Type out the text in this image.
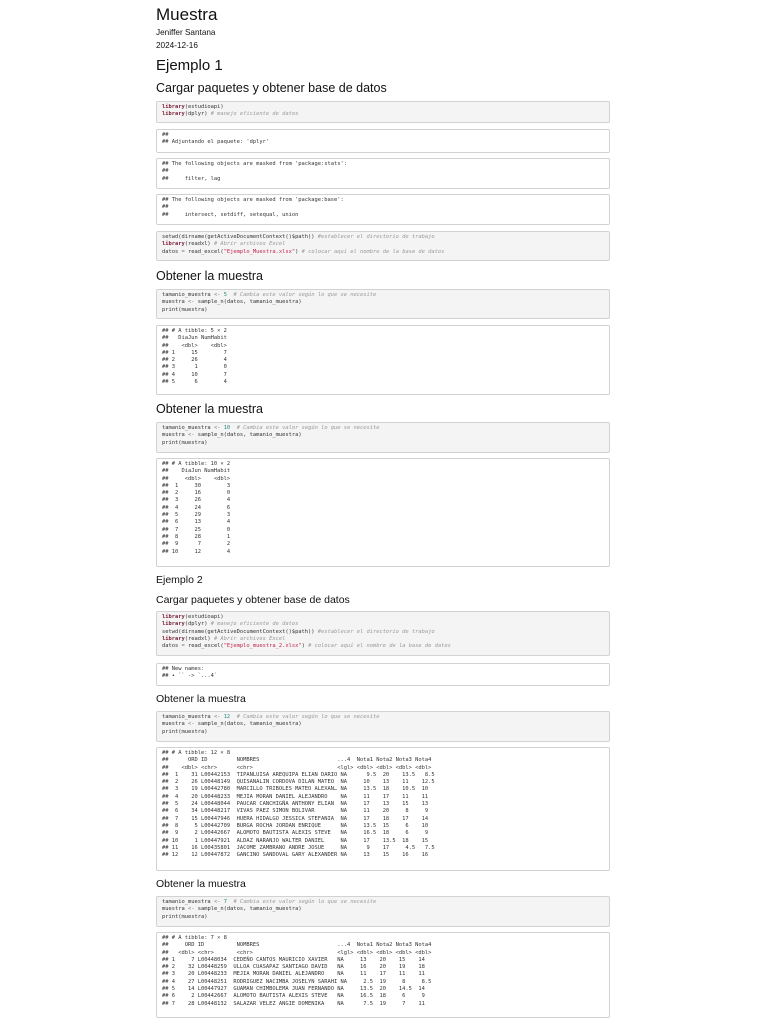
Muestra
Jeniffer Santana
2024-12-16
Ejemplo 1
Cargar paquetes y obtener base de datos
library(estudioapi)
library(dplyr) # manejo eficiente de datos
##
## Adjuntando el paquete: 'dplyr'
## The following objects are masked from 'package:stats':
##
##     filter, lag
## The following objects are masked from 'package:base':
##
##     intersect, setdiff, setequal, union
setwd(dirname(getActiveDocumentContext()$path)) #establecer el directorio de trabajo
library(readxl) # Abrir archivos Excel
datos = read_excel("Ejemplo_Muestra.xlsx") # colocar aquí el nombre de la base de datos
Obtener la muestra
tamanio_muestra <- 5 # Cambia este valor según lo que se necesite
muestra <- sample_n(datos, tamanio_muestra)
print(muestra)
## # A tibble: 5 × 2
##   DiaJun NumHabit
##    <dbl>    <dbl>
## 1     15        7
## 2     26        4
## 3      1        0
## 4     10        7
## 5      6        4
Obtener la muestra
tamanio_muestra <- 10 # Cambia este valor según lo que se necesite
muestra <- sample_n(datos, tamanio_muestra)
print(muestra)
## # A tibble: 10 × 2
##    DiaJun NumHabit
##     <dbl>    <dbl>
##  1     30        3
##  2     16        0
##  3     26        4
##  4     24        6
##  5     29        3
##  6     13        4
##  7     25        0
##  8     28        1
##  9      7        2
## 10     12        4
Ejemplo 2
Cargar paquetes y obtener base de datos
library(estudioapi)
library(dplyr) # manejo eficiente de datos
setwd(dirname(getActiveDocumentContext()$path)) #establecer el directorio de trabajo
library(readxl) # Abrir archivos Excel
datos = read_excel("Ejemplo_muestra_2.xlsx") # colocar aquí el nombre de la base de datos
## New names:
## • `` -> `...4`
Obtener la muestra
tamanio_muestra <- 12 # Cambia este valor según lo que se necesite
muestra <- sample_n(datos, tamanio_muestra)
print(muestra)
## # A tibble: 12 × 8
##      ORD ID         NOMBRES                        ...4  Nota1 Nota2 Nota3 Nota4
##    <dbl> <chr>      <chr>                          <lgl> <dbl> <dbl> <dbl> <dbl>
##  1    31 L00442153  TIPANLUISA AREQUIPA ELIAN DARIO NA      9.5  20    13.5   8.5
##  2    26 L00448149  QUISANALIN CORDOVA DILAN MATEO  NA     10    13    11    12.5
##  3    19 L00442780  MARCILLO TRIBOLES MATEO ALEXAN… NA     13.5  18    10.5  10
##  4    20 L00448233  MEJIA MORAN DANIEL ALEJANDRO    NA     11    17    11    11
##  5    24 L00448044  PAUCAR CANCHIGÑA ANTHONY ELIAN  NA     17    13    15    13
##  6    34 L00448217  VIVAS PAEZ SIMON BOLIVAR        NA     11    20     8     9
##  7    15 L00447946  HUERA HIDALGO JESSICA STEFANIA  NA     17    18    17    14
##  8     5 L00442709  BURGA ROCHA JORDAN ENRIQUE      NA     13.5  15     6    10
##  9     2 L00442667  ALOMOTO BAUTISTA ALEXIS STEVE   NA     16.5  18     6     9
## 10     1 L00447921  ALDAZ NARANJO WALTER DANIEL     NA     17    13.5  18    15
## 11    16 L00435801  JACOME ZAMBRANO ANDRE JOSUE     NA      9    17     4.5   7.5
## 12    12 L00447872  GANCINO SANDOVAL GARY ALEXANDER NA     13    15    16    16
Obtener la muestra
tamanio_muestra <- 7 # Cambia este valor según lo que se necesite
muestra <- sample_n(datos, tamanio_muestra)
print(muestra)
## # A tibble: 7 × 8
##     ORD ID          NOMBRES                        ...4  Nota1 Nota2 Nota3 Nota4
##   <dbl> <chr>       <chr>                          <lgl> <dbl> <dbl> <dbl> <dbl>
## 1     7 L00448034  CEDEÑO CANTOS MAURICIO XAVIER   NA     13    20    15    14
## 2    32 L00448259  ULLOA CUASAPAZ SANTIAGO DAVID   NA     16    20    19    18
## 3    20 L00448233  MEJIA MORAN DANIEL ALEJANDRO    NA     11    17    11    11
## 4    27 L00448251  RODRIGUEZ NACIMBA JOSELYN SARAHI NA     2.5  19     8     8.5
## 5    14 L00447927  GUAMAN CHIMBOLEMA JUAN FERNANDO NA     13.5  20    14.5  14
## 6     2 L00442667  ALOMOTO BAUTISTA ALEXIS STEVE   NA     16.5  18     6     9
## 7    28 L00448132  SALAZAR VELEZ ANGIE DOMENIKA    NA      7.5  19     7    11
